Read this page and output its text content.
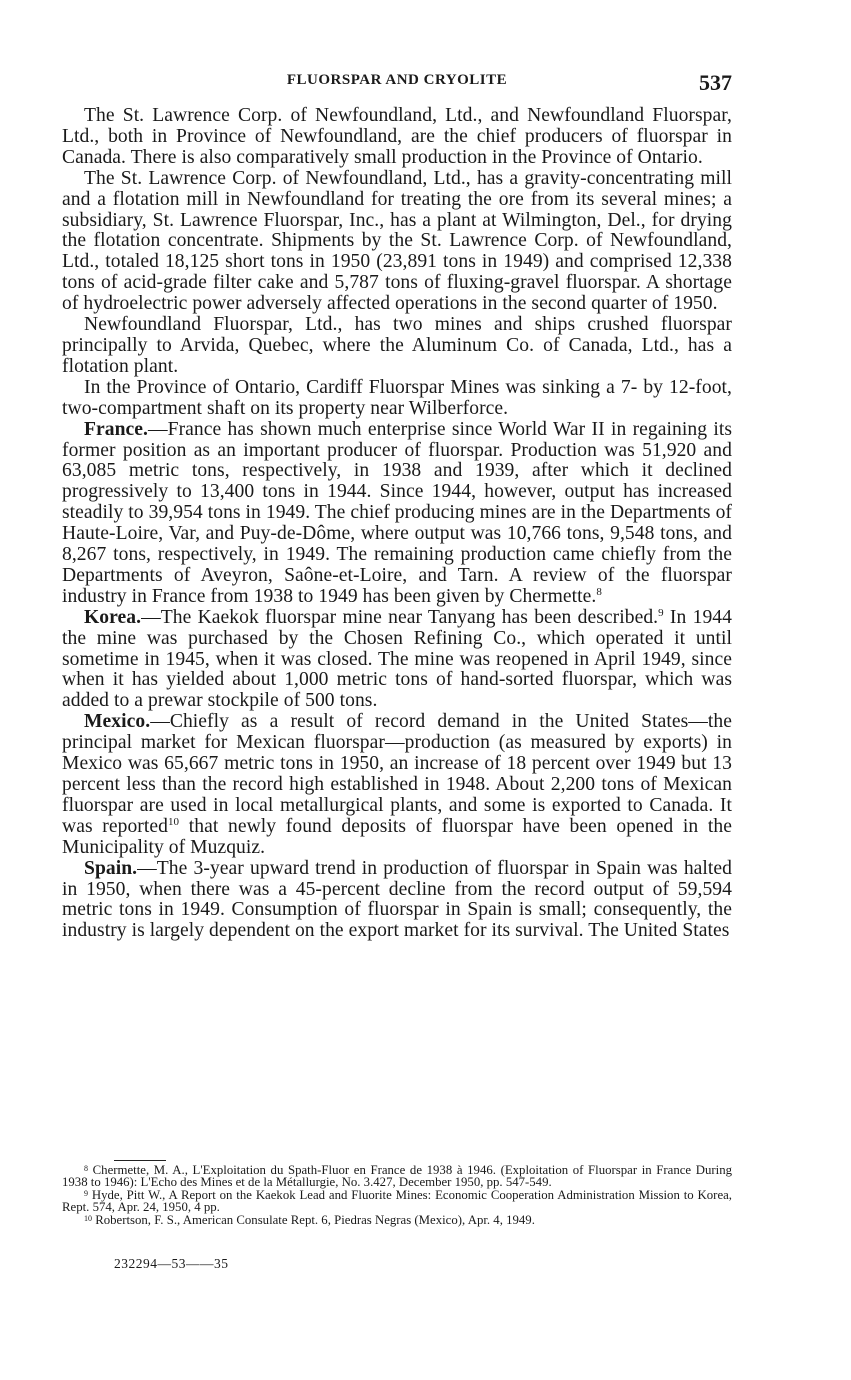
FLUORSPAR AND CRYOLITE	537

The St. Lawrence Corp. of Newfoundland, Ltd., and Newfoundland Fluorspar, Ltd., both in Province of Newfoundland, are the chief producers of fluorspar in Canada. There is also comparatively small production in the Province of Ontario.

The St. Lawrence Corp. of Newfoundland, Ltd., has a gravity-concentrating mill and a flotation mill in Newfoundland for treating the ore from its several mines; a subsidiary, St. Lawrence Fluorspar, Inc., has a plant at Wilmington, Del., for drying the flotation concentrate. Shipments by the St. Lawrence Corp. of Newfoundland, Ltd., totaled 18,125 short tons in 1950 (23,891 tons in 1949) and comprised 12,338 tons of acid-grade filter cake and 5,787 tons of fluxing-gravel fluorspar. A shortage of hydroelectric power adversely affected operations in the second quarter of 1950.

Newfoundland Fluorspar, Ltd., has two mines and ships crushed fluorspar principally to Arvida, Quebec, where the Aluminum Co. of Canada, Ltd., has a flotation plant.

In the Province of Ontario, Cardiff Fluorspar Mines was sinking a 7- by 12-foot, two-compartment shaft on its property near Wilberforce.

France.—France has shown much enterprise since World War II in regaining its former position as an important producer of fluorspar. Production was 51,920 and 63,085 metric tons, respectively, in 1938 and 1939, after which it declined progressively to 13,400 tons in 1944. Since 1944, however, output has increased steadily to 39,954 tons in 1949. The chief producing mines are in the Departments of Haute-Loire, Var, and Puy-de-Dôme, where output was 10,766 tons, 9,548 tons, and 8,267 tons, respectively, in 1949. The remaining production came chiefly from the Departments of Aveyron, Saône-et-Loire, and Tarn. A review of the fluorspar industry in France from 1938 to 1949 has been given by Chermette.$^8$

Korea.—The Kaekok fluorspar mine near Tanyang has been described.$^9$ In 1944 the mine was purchased by the Chosen Refining Co., which operated it until sometime in 1945, when it was closed. The mine was reopened in April 1949, since when it has yielded about 1,000 metric tons of hand-sorted fluorspar, which was added to a prewar stockpile of 500 tons.

Mexico.—Chiefly as a result of record demand in the United States—the principal market for Mexican fluorspar—production (as measured by exports) in Mexico was 65,667 metric tons in 1950, an increase of 18 percent over 1949 but 13 percent less than the record high established in 1948. About 2,200 tons of Mexican fluorspar are used in local metallurgical plants, and some is exported to Canada. It was reported$^{10}$ that newly found deposits of fluorspar have been opened in the Municipality of Muzquiz.

Spain.—The 3-year upward trend in production of fluorspar in Spain was halted in 1950, when there was a 45-percent decline from the record output of 59,594 metric tons in 1949. Consumption of fluorspar in Spain is small; consequently, the industry is largely dependent on the export market for its survival. The United States

$^8$ Chermette, M. A., L'Exploitation du Spath-Fluor en France de 1938 à 1946. (Exploitation of Fluorspar in France During 1938 to 1946): L'Echo des Mines et de la Métallurgie, No. 3.427, December 1950, pp. 547-549.

$^9$ Hyde, Pitt W., A Report on the Kaekok Lead and Fluorite Mines: Economic Cooperation Administration Mission to Korea, Rept. 574, Apr. 24, 1950, 4 pp.

$^{10}$ Robertson, F. S., American Consulate Rept. 6, Piedras Negras (Mexico), Apr. 4, 1949.

232294—53——35
